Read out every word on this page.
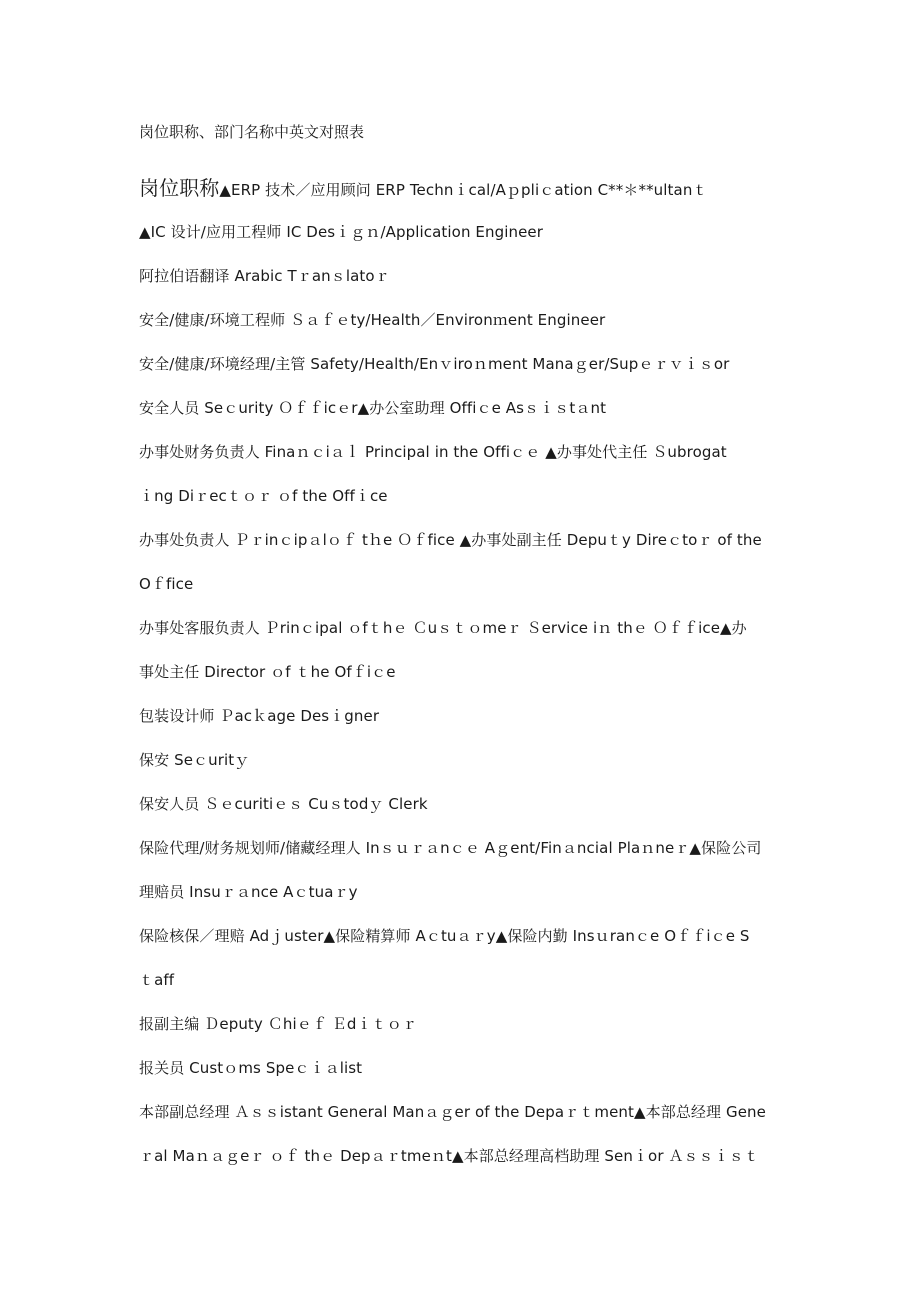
岗位职称、部门名称中英文对照表
岗位职称▲ERP 技术／应用顾问 ERP Technｉcal/Aｐpliｃation C**＊**ultanｔ
▲IC 设计/应用工程师 IC Desｉｇｎ/Application Engineer
阿拉伯语翻译 Arabic Tｒanｓlatoｒ
安全/健康/环境工程师 Ｓａｆｅty/Health／Environｍent Engineer
安全/健康/环境经理/主管 Safety/Health/Enｖiroｎment Manaｇer/Supｅｒｖｉｓor
安全人员 Seｃurity Ｏｆｆicｅr▲办公室助理 Offiｃe Asｓｉｓtａnt
办事处财务负责人 Finaｎｃiａｌ Principal in the Offiｃｅ ▲办事处代主任 Ｓubrogat
ｉng Diｒecｔｏｒ ｏf the Offｉce
办事处负责人 Ｐｒinｃipａlｏｆ tｈe Ｏｆfice ▲办事处副主任 Depuｔy Direｃtoｒ of the
Oｆfice
办事处客服负责人 Ｐrinｃipal ｏfｔhｅ Ｃuｓｔｏmeｒ Ｓervice iｎ thｅ Ｏｆｆice▲办
事处主任 Director ｏf ｔhe Ofｆiｃe
包装设计师 Ｐacｋage Desｉgner
保安 Seｃuritｙ
保安人员 Ｓｅcuritiｅｓ Cuｓtodｙ Clerk
保险代理/财务规划师/储藏经理人 Inｓｕｒａnｃｅ Aｇent/Finａncial Plaｎneｒ▲保险公司
理赔员 Insuｒａnce Aｃtuaｒy
保险核保／理赔 Adｊuster▲保险精算师 Aｃtuａｒy▲保险内勤 Insｕranｃe Oｆｆiｃe S
ｔaff
报副主编 Ｄeputy Ｃhiｅｆ Ｅdｉｔｏｒ
报关员 Custｏms Speｃｉａlist
本部副总经理 Ａｓｓistant General Manａｇer of the Depaｒｔment▲本部总经理 Gene
ｒal Maｎａｇeｒ ｏｆ thｅ Depａｒtmeｎt▲本部总经理高档助理 Senｉor Ａｓｓｉｓｔ
